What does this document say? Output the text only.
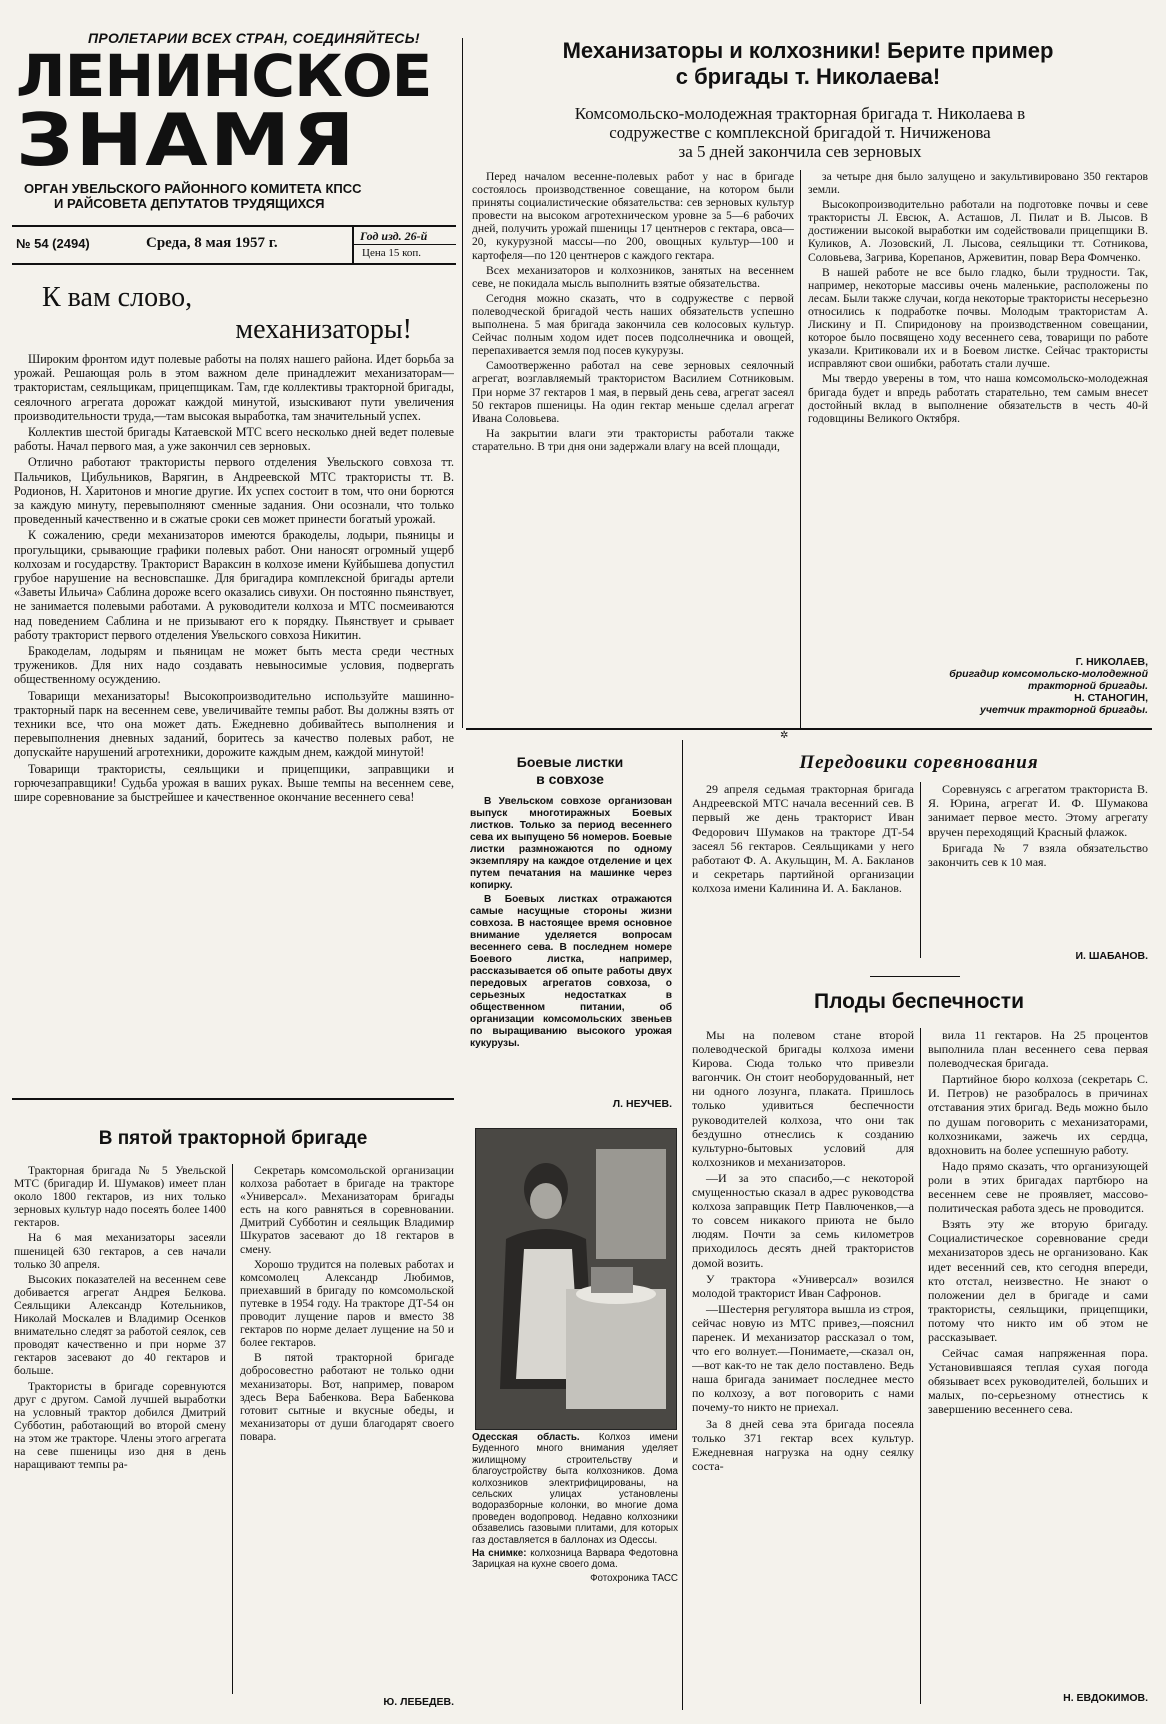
ПРОЛЕТАРИИ ВСЕХ СТРАН, СОЕДИНЯЙТЕСЬ!
ЛЕНИНСКОЕ
ЗНАМЯ
ОРГАН УВЕЛЬСКОГО РАЙОННОГО КОМИТЕТА КПСС
И РАЙСОВЕТА ДЕПУТАТОВ ТРУДЯЩИХСЯ
№ 54 (2494)	Среда, 8 мая 1957 г.	Год изд. 26-й
Цена 15 коп.
К вам слово,
механизаторы!

Широким фронтом идут полевые работы на полях нашего района. Идет борьба за урожай. Решающая роль в этом важном деле принадлежит механизаторам—трактористам, сеяльщикам, прицепщикам. Там, где коллективы тракторной бригады, сеялочного агрегата дорожат каждой минутой, изыскивают пути увеличения производительности труда,—там высокая выработка, там значительный успех.

Коллектив шестой бригады Катаевской МТС всего несколько дней ведет полевые работы. Начал первого мая, а уже закончил сев зерновых.

Отлично работают трактористы первого отделения Увельского совхоза тт. Пальчиков, Цибульников, Варягин, в Андреевской МТС трактористы тт. В. Родионов, Н. Харитонов и многие другие. Их успех состоит в том, что они борются за каждую минуту, перевыполняют сменные задания. Они осознали, что только проведенный качественно и в сжатые сроки сев может принести богатый урожай.

К сожалению, среди механизаторов имеются бракоделы, лодыри, пьяницы и прогульщики, срывающие графики полевых работ. Они наносят огромный ущерб колхозам и государству. Тракторист Вараксин в колхозе имени Куйбышева допустил грубое нарушение на весновспашке. Для бригадира комплексной бригады артели «Заветы Ильича» Саблина дороже всего оказались сивухи. Он постоянно пьянствует, не занимается полевыми работами. А руководители колхоза и МТС посмеиваются над поведением Саблина и не призывают его к порядку. Пьянствует и срывает работу тракторист первого отделения Увельского совхоза Никитин.

Бракоделам, лодырям и пьяницам не может быть места среди честных тружеников. Для них надо создавать невыносимые условия, подвергать общественному осуждению.

Товарищи механизаторы! Высокопроизводительно используйте машинно-тракторный парк на весеннем севе, увеличивайте темпы работ. Вы должны взять от техники все, что она может дать. Ежедневно добивайтесь выполнения и перевыполнения дневных заданий, боритесь за качество полевых работ, не допускайте нарушений агротехники, дорожите каждым днем, каждой минутой!

Товарищи трактористы, сеяльщики и прицепщики, заправщики и горючезаправщики! Судьба урожая в ваших руках. Выше темпы на весеннем севе, шире соревнование за быстрейшее и качественное окончание весеннего сева!

В пятой тракторной бригаде

Тракторная бригада № 5 Увельской МТС (бригадир И. Шумаков) имеет план около 1800 гектаров, из них только зерновых культур надо посеять более 1400 гектаров.

На 6 мая механизаторы засеяли пшеницей 630 гектаров, а сев начали только 30 апреля.

Высоких показателей на весеннем севе добивается агрегат Андрея Белкова. Сеяльщики Александр Котельников, Николай Москалев и Владимир Осенков внимательно следят за работой сеялок, сев проводят качественно и при норме 37 гектаров засевают до 40 гектаров и больше.

Трактористы в бригаде соревнуются друг с другом. Самой лучшей выработки на условный трактор добился Дмитрий Субботин, работающий во второй смену на этом же тракторе. Члены этого агрегата на севе пшеницы изо дня в день наращивают темпы ра-

Секретарь комсомольской организации колхоза работает в бригаде на тракторе «Универсал». Механизаторам бригады есть на кого равняться в соревновании. Дмитрий Субботин и сеяльщик Владимир Шкуратов засевают до 18 гектаров в смену.

Хорошо трудится на полевых работах и комсомолец Александр Любимов, приехавший в бригаду по комсомольской путевке в 1954 году. На тракторе ДТ-54 он проводит лущение паров и вместо 38 гектаров по норме делает лущение на 50 и более гектаров.

В пятой тракторной бригаде добросовестно работают не только одни механизаторы. Вот, например, поваром здесь Вера Бабенкова. Вера Бабенкова готовит сытные и вкусные обеды, и механизаторы от души благодарят своего повара.

Ю. ЛЕБЕДЕВ.
Механизаторы и колхозники! Берите пример
с бригады т. Николаева!
Комсомольско-молодежная тракторная бригада т. Николаева в
содружестве с комплексной бригадой т. Ничиженова
за 5 дней закончила сев зерновых

Перед началом весенне-полевых работ у нас в бригаде состоялось производственное совещание, на котором были приняты социалистические обязательства: сев зерновых культур провести на высоком агротехническом уровне за 5—6 рабочих дней, получить урожай пшеницы 17 центнеров с гектара, овса—20, кукурузной массы—по 200, овощных культур—100 и картофеля—по 120 центнеров с каждого гектара.

Всех механизаторов и колхозников, занятых на весеннем севе, не покидала мысль выполнить взятые обязательства.

Сегодня можно сказать, что в содружестве с первой полеводческой бригадой честь наших обязательств успешно выполнена. 5 мая бригада закончила сев колосовых культур. Сейчас полным ходом идет посев подсолнечника и овощей, перепахивается земля под посев кукурузы.

Самоотверженно работал на севе зерновых сеялочный агрегат, возглавляемый трактористом Василием Сотниковым. При норме 37 гектаров 1 мая, в первый день сева, агрегат засеял 50 гектаров пшеницы. На один гектар меньше сделал агрегат Ивана Соловьева.

На закрытии влаги эти трактористы работали также старательно. В три дня они задержали влагу на всей площади,

за четыре дня было залущено и закультивировано 350 гектаров земли.

Высокопроизводительно работали на подготовке почвы и севе трактористы Л. Евсюк, А. Асташов, Л. Пилат и В. Лысов. В достижении высокой выработки им содействовали прицепщики В. Куликов, А. Лозовский, Л. Лысова, сеяльщики тт. Сотникова, Соловьева, Загрива, Корепанов, Аржевитин, повар Вера Фомченко.

В нашей работе не все было гладко, были трудности. Так, например, некоторые массивы очень маленькие, расположены по лесам. Были также случаи, когда некоторые трактористы несерьезно относились к подработке почвы. Молодым трактористам А. Лискину и П. Спиридонову на производственном совещании, которое было посвящено ходу весеннего сева, товарищи по работе указали. Критиковали их и в Боевом листке. Сейчас трактористы исправляют свои ошибки, работать стали лучше.

Мы твердо уверены в том, что наша комсомольско-молодежная бригада будет и впредь работать старательно, тем самым внесет достойный вклад в выполнение обязательств в честь 40-й годовщины Великого Октября.

Г. НИКОЛАЕВ,
бригадир комсомольско-молодежной
тракторной бригады.
Н. СТАНОГИН,
учетчик тракторной бригады.
Боевые листки
в совхозе

В Увельском совхозе организован выпуск многотиражных Боевых листков. Только за период весеннего сева их выпущено 56 номеров. Боевые листки размножаются по одному экземпляру на каждое отделение и цех путем печатания на машинке через копирку.

В Боевых листках отражаются самые насущные стороны жизни совхоза. В настоящее время основное внимание уделяется вопросам весеннего сева. В последнем номере Боевого листка, например, рассказывается об опыте работы двух передовых агрегатов совхоза, о серьезных недостатках в общественном питании, об организации комсомольских звеньев по выращиванию высокого урожая кукурузы.

Л. НЕУЧЕВ.

Одесская область. Колхоз имени Буденного много внимания уделяет жилищному строительству и благоустройству быта колхозников. Дома колхозников электрифицированы, на сельских улицах установлены водоразборные колонки, во многие дома проведен водопровод. Недавно колхозники обзавелись газовыми плитами, для которых газ доставляется в баллонах из Одессы.

На снимке: колхозница Варвара Федотовна Зарицкая на кухне своего дома.

Фотохроника ТАСС
✲
Передовики соревнования

29 апреля седьмая тракторная бригада Андреевской МТС начала весенний сев. В первый же день тракторист Иван Федорович Шумаков на тракторе ДТ-54 засеял 56 гектаров. Сеяльщиками у него работают Ф. А. Акульщин, М. А. Бакланов и секретарь партийной организации колхоза имени Калинина И. А. Бакланов.

Соревнуясь с агрегатом тракториста В. Я. Юрина, агрегат И. Ф. Шумакова занимает первое место. Этому агрегату вручен переходящий Красный флажок.

Бригада № 7 взяла обязательство закончить сев к 10 мая.

И. ШАБАНОВ.
Плоды беспечности

Мы на полевом стане второй полеводческой бригады колхоза имени Кирова. Сюда только что привезли вагончик. Он стоит необорудованный, нет ни одного лозунга, плаката. Пришлось только удивиться беспечности руководителей колхоза, что они так бездушно отнеслись к созданию культурно-бытовых условий для колхозников и механизаторов.

—И за это спасибо,—с некоторой смущенностью сказал в адрес руководства колхоза заправщик Петр Павлюченков,—а то совсем никакого приюта не было людям. Почти за семь километров приходилось десять дней трактористов домой возить.

У трактора «Универсал» возился молодой тракторист Иван Сафронов.

—Шестерня регулятора вышла из строя, сейчас новую из МТС привез,—пояснил паренек. И механизатор рассказал о том, что его волнует.—Понимаете,—сказал он,—вот как-то не так дело поставлено. Ведь наша бригада занимает последнее место по колхозу, а вот поговорить с нами почему-то никто не приехал.

За 8 дней сева эта бригада посеяла только 371 гектар всех культур. Ежедневная нагрузка на одну сеялку соста-

вила 11 гектаров. На 25 процентов выполнила план весеннего сева первая полеводческая бригада.

Партийное бюро колхоза (секретарь С. И. Петров) не разобралось в причинах отставания этих бригад. Ведь можно было по душам поговорить с механизаторами, колхозниками, зажечь их сердца, вдохновить на более успешную работу.

Надо прямо сказать, что организующей роли в этих бригадах партбюро на весеннем севе не проявляет, массово-политическая работа здесь не проводится.

Взять эту же вторую бригаду. Социалистическое соревнование среди механизаторов здесь не организовано. Как идет весенний сев, кто сегодня впереди, кто отстал, неизвестно. Не знают о положении дел в бригаде и сами трактористы, сеяльщики, прицепщики, потому что никто им об этом не рассказывает.

Сейчас самая напряженная пора. Установившаяся теплая сухая погода обязывает всех руководителей, больших и малых, по-серьезному отнестись к завершению весеннего сева.

Н. ЕВДОКИМОВ.
